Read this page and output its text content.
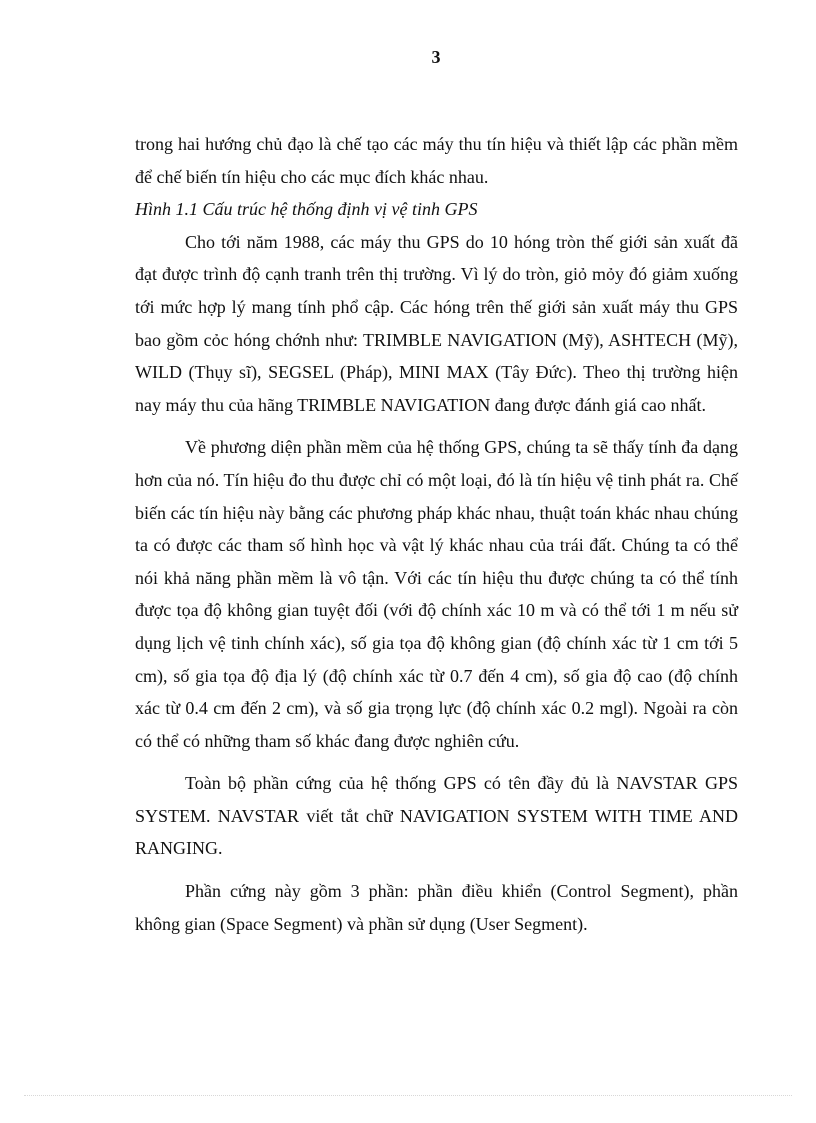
3

trong hai hướng chủ đạo là chế tạo các máy thu tín hiệu và thiết lập các phần mềm để chế biến tín hiệu cho các mục đích khác nhau.

Hình 1.1 Cấu trúc hệ thống định vị vệ tinh GPS

Cho tới năm 1988, các máy thu GPS do 10 hóng tròn thế giới sản xuất đã đạt được trình độ cạnh tranh trên thị trường. Vì lý do tròn, giỏ mỏy đó giảm xuống tới mức hợp lý mang tính phổ cập. Các hóng trên thế giới sản xuất máy thu GPS bao gồm cỏc hóng chớnh như: TRIMBLE NAVIGATION (Mỹ), ASHTECH (Mỹ), WILD (Thụy sĩ), SEGSEL (Pháp), MINI MAX (Tây Đức). Theo thị trường hiện nay máy thu của hãng TRIMBLE NAVIGATION đang được đánh giá cao nhất.

Về phương diện phần mềm của hệ thống GPS, chúng ta sẽ thấy tính đa dạng hơn của nó. Tín hiệu đo thu được chỉ có một loại, đó là tín hiệu vệ tinh phát ra. Chế biến các tín hiệu này bằng các phương pháp khác nhau, thuật toán khác nhau chúng ta có được các tham số hình học và vật lý khác nhau của trái đất. Chúng ta có thể nói khả năng phần mềm là vô tận. Với các tín hiệu thu được chúng ta có thể tính được tọa độ không gian tuyệt đối (với độ chính xác 10 m và có thể tới 1 m nếu sử dụng lịch vệ tinh chính xác), số gia tọa độ không gian (độ chính xác từ 1 cm tới 5 cm), số gia tọa độ địa lý (độ chính xác từ 0.7 đến 4 cm), số gia độ cao (độ chính xác từ 0.4 cm đến 2 cm), và số gia trọng lực (độ chính xác 0.2 mgl). Ngoài ra còn có thể có những tham số khác đang được nghiên cứu.

Toàn bộ phần cứng của hệ thống GPS có tên đầy đủ là NAVSTAR GPS SYSTEM. NAVSTAR viết tắt chữ NAVIGATION SYSTEM WITH TIME AND RANGING.

Phần cứng này gồm 3 phần: phần điều khiển (Control Segment), phần không gian (Space Segment) và phần sử dụng (User Segment).
